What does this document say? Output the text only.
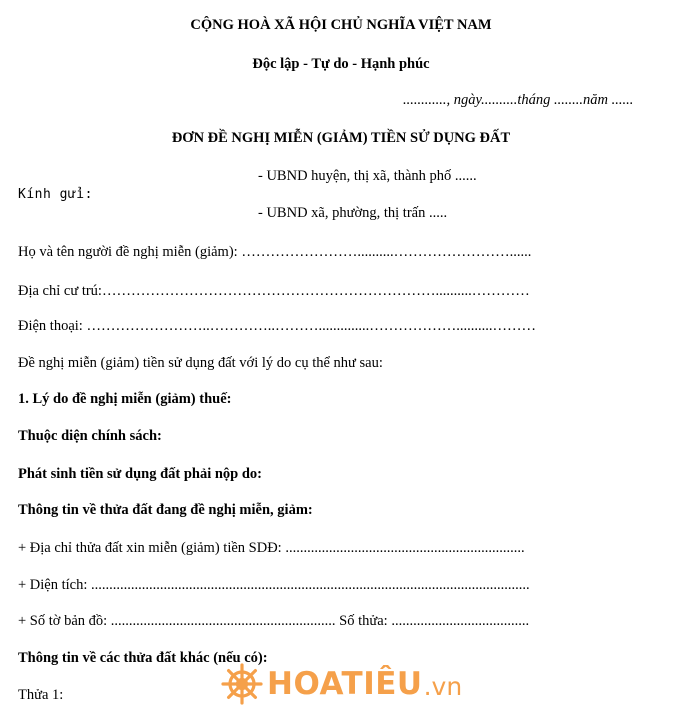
CỘNG HOÀ XÃ HỘI CHỦ NGHĨA VIỆT NAM
Độc lập - Tự do - Hạnh phúc
............, ngày..........tháng ........năm ......
ĐƠN ĐỀ NGHỊ MIỄN (GIẢM) TIỀN SỬ DỤNG ĐẤT
- UBND huyện, thị xã, thành phố ......
Kính gửi:
- UBND xã, phường, thị trấn .....
Họ và tên người đề nghị miễn (giảm): ……………………..........……………………......
Địa chỉ cư trú:……………………………………………………………..........…………
Điện thoại: ……………………..…………..………..............………………..........………
Đề nghị miễn (giảm) tiền sử dụng đất với lý do cụ thể như sau:
1. Lý do đề nghị miễn (giảm) thuế:
Thuộc diện chính sách:
Phát sinh tiền sử dụng đất phải nộp do:
Thông tin về thửa đất đang đề nghị miễn, giảm:
+ Địa chỉ thửa đất xin miễn (giảm) tiền SDĐ: ..................................................................
+ Diện tích: .........................................................................................................................
+ Số tờ bản đồ: .............................................................. Số thửa: ......................................
Thông tin về các thửa đất khác (nếu có):
Thửa 1:	HOATIÊU .vn
